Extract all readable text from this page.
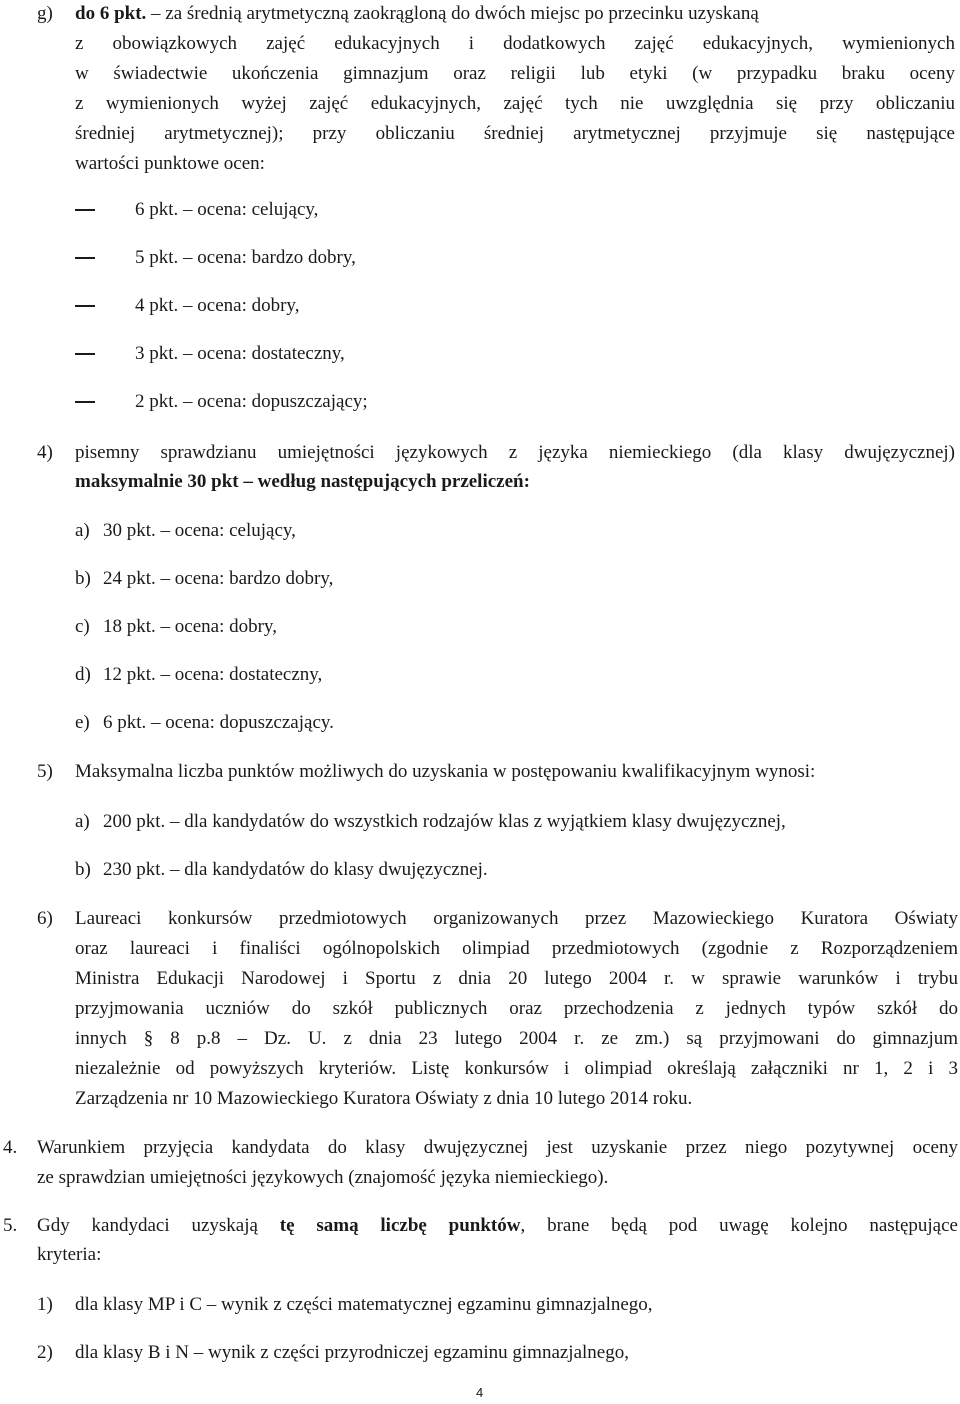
g) do 6 pkt. – za średnią arytmetyczną zaokrągloną do dwóch miejsc po przecinku uzyskaną
z obowiązkowych zajęć edukacyjnych i dodatkowych zajęć edukacyjnych, wymienionych
w świadectwie ukończenia gimnazjum oraz religii lub etyki (w przypadku braku oceny
z wymienionych wyżej zajęć edukacyjnych, zajęć tych nie uwzględnia się przy obliczaniu
średniej arytmetycznej); przy obliczaniu średniej arytmetycznej przyjmuje się następujące
wartości punktowe ocen:
6 pkt. – ocena: celujący,
5 pkt. – ocena: bardzo dobry,
4 pkt. – ocena: dobry,
3 pkt. – ocena: dostateczny,
2 pkt. – ocena: dopuszczający;
4) pisemny sprawdzianu umiejętności językowych z języka niemieckiego (dla klasy dwujęzycznej)
maksymalnie 30 pkt – według następujących przeliczeń:
a) 30 pkt. – ocena: celujący,
b) 24 pkt. – ocena: bardzo dobry,
c) 18 pkt. – ocena: dobry,
d) 12 pkt. – ocena: dostateczny,
e) 6 pkt. – ocena: dopuszczający.
5) Maksymalna liczba punktów możliwych do uzyskania w postępowaniu kwalifikacyjnym wynosi:
a) 200 pkt. – dla kandydatów do wszystkich rodzajów klas z wyjątkiem klasy dwujęzycznej,
b) 230 pkt. – dla kandydatów do klasy dwujęzycznej.
6) Laureaci konkursów przedmiotowych organizowanych przez Mazowieckiego Kuratora Oświaty
oraz laureaci i finaliści ogólnopolskich olimpiad przedmiotowych (zgodnie z Rozporządzeniem
Ministra Edukacji Narodowej i Sportu z dnia 20 lutego 2004 r. w sprawie warunków i trybu
przyjmowania uczniów do szkół publicznych oraz przechodzenia z jednych typów szkół do
innych § 8 p.8 – Dz. U. z dnia 23 lutego 2004 r. ze zm.) są przyjmowani do gimnazjum
niezależnie od powyższych kryteriów. Listę konkursów i olimpiad określają załączniki nr 1, 2 i 3
Zarządzenia nr 10 Mazowieckiego Kuratora Oświaty z dnia 10 lutego 2014 roku.
4. Warunkiem przyjęcia kandydata do klasy dwujęzycznej jest uzyskanie przez niego pozytywnej oceny
ze sprawdzian umiejętności językowych (znajomość języka niemieckiego).
5. Gdy kandydaci uzyskają tę samą liczbę punktów, brane będą pod uwagę kolejno następujące
kryteria:
1) dla klasy MP i C – wynik z części matematycznej egzaminu gimnazjalnego,
2) dla klasy B i N – wynik z części przyrodniczej egzaminu gimnazjalnego,
4
